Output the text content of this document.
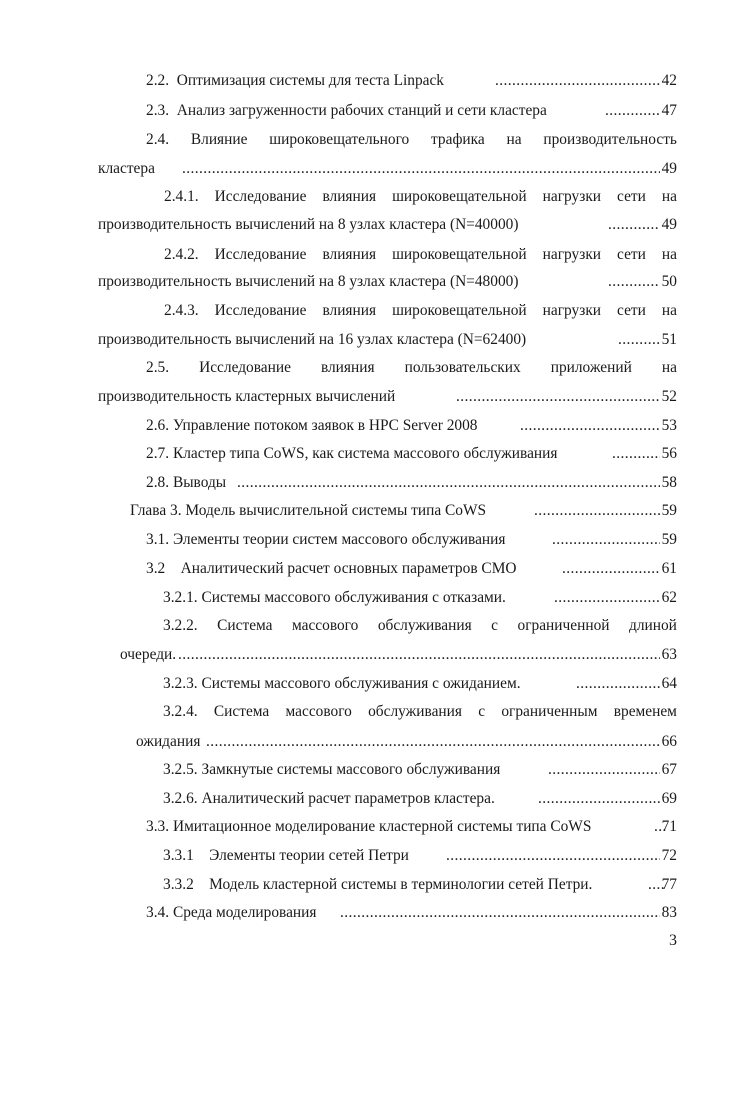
2.2. Оптимизация системы для теста Linpack .....	42
2.3. Анализ загруженности рабочих станций и сети кластера .....	47
2.4. Влияние широковещательного трафика на производительность
кластера .....	49
2.4.1. Исследование влияния широковещательной нагрузки сети на
производительность вычислений на 8 узлах кластера (N=40000) .....	49
2.4.2. Исследование влияния широковещательной нагрузки сети на
производительность вычислений на 8 узлах кластера (N=48000) .....	50
2.4.3. Исследование влияния широковещательной нагрузки сети на
производительность вычислений на 16 узлах кластера (N=62400) .....	51
2.5. Исследование влияния пользовательских приложений на
производительность кластерных вычислений .....	52
2.6. Управление потоком заявок в HPC Server 2008 .....	53
2.7. Кластер типа CoWS, как система массового обслуживания .....	56
2.8. Выводы .....	58
Глава 3. Модель вычислительной системы типа CoWS .....	59
3.1. Элементы теории систем массового обслуживания .....	59
3.2 Аналитический расчет основных параметров СМО .....	61
3.2.1. Системы массового обслуживания с отказами. .....	62
3.2.2. Система массового обслуживания с ограниченной длиной
очереди. .....	63
3.2.3. Системы массового обслуживания с ожиданием. .....	64
3.2.4. Система массового обслуживания с ограниченным временем
ожидания .....	66
3.2.5. Замкнутые системы массового обслуживания .....	67
3.2.6. Аналитический расчет параметров кластера. .....	69
3.3. Имитационное моделирование кластерной системы типа CoWS .....	71
3.3.1 Элементы теории сетей Петри .....	72
3.3.2 Модель кластерной системы в терминологии сетей Петри. .....	77
3.4. Среда моделирования .....	83
3
